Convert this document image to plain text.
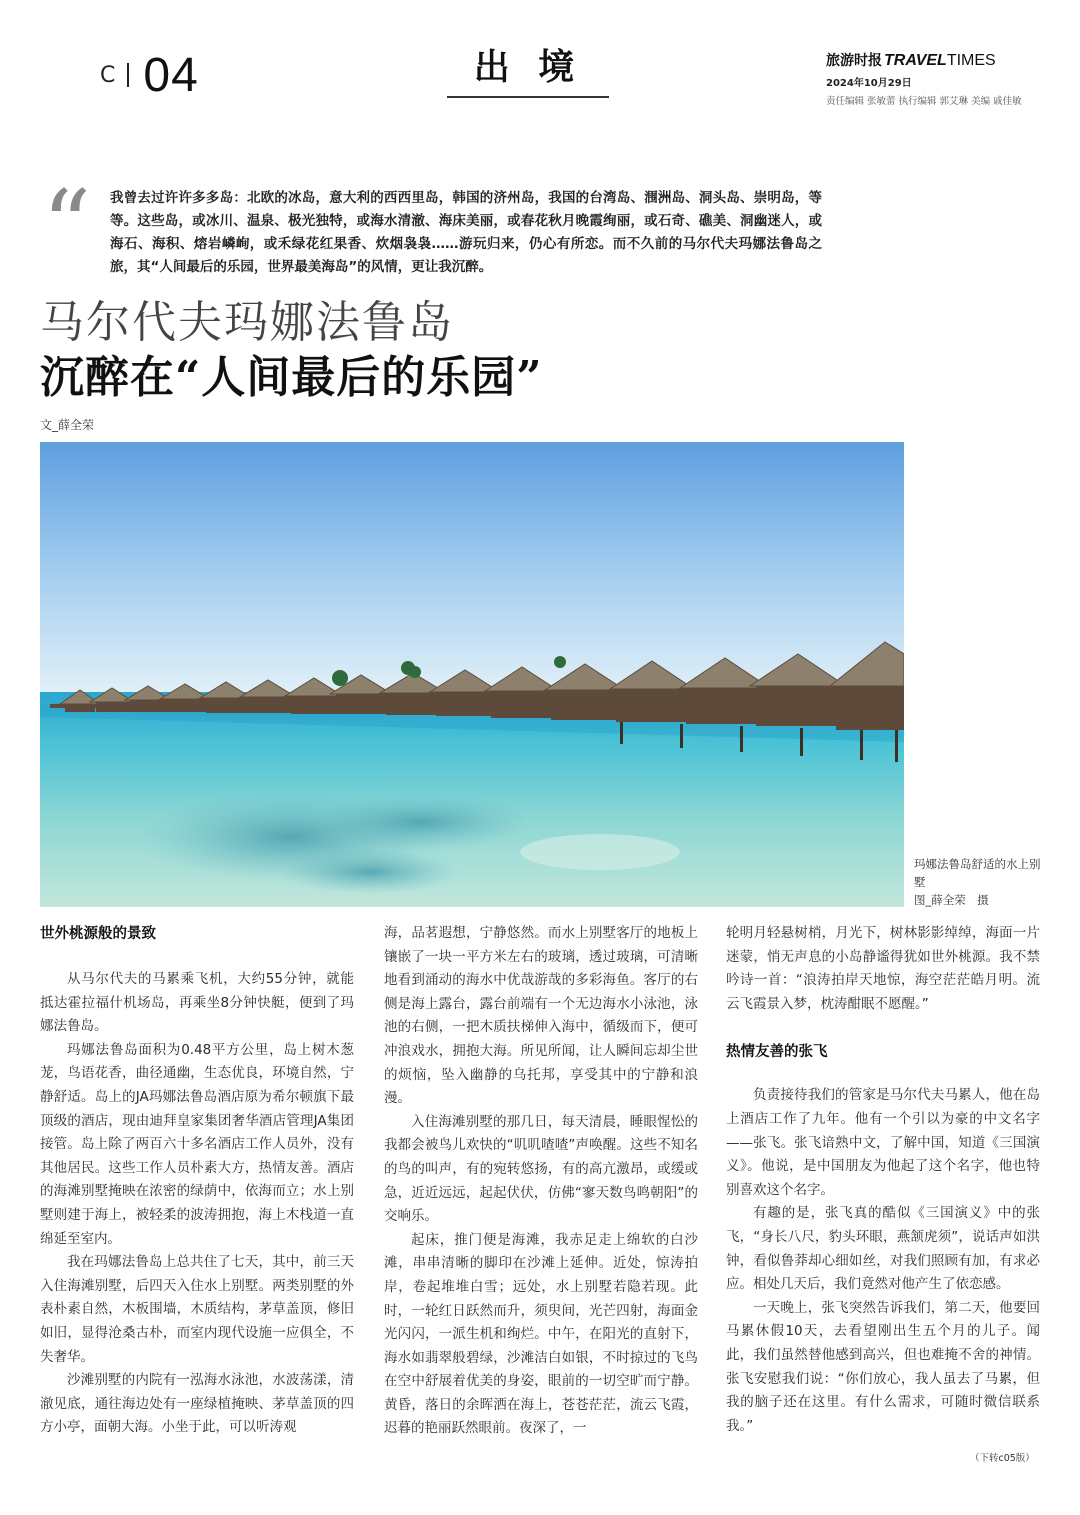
C 04	出 境	旅游时报 TRAVELTIMES
2024年10月29日
责任编辑 张敏蕾 执行编辑 郭艾琳 美编 戚佳敏
“ 我曾去过许许多多岛：北欧的冰岛，意大利的西西里岛，韩国的济州岛，我国的台湾岛、涠洲岛、洞头岛、崇明岛，等等。这些岛，或冰川、温泉、极光独特，或海水清澈、海床美丽，或春花秋月晚霞绚丽，或石奇、礁美、洞幽迷人，或海石、海积、熔岩嶙峋，或禾绿花红果香、炊烟袅袅……游玩归来，仍心有所恋。而不久前的马尔代夫玛娜法鲁岛之旅，其“人间最后的乐园，世界最美海岛”的风情，更让我沉醉。
马尔代夫玛娜法鲁岛
沉醉在“人间最后的乐园”
文_薛全荣
玛娜法鲁岛舒适的水上别墅
图_薛全荣　摄
世外桃源般的景致

从马尔代夫的马累乘飞机，大约55分钟，就能抵达霍拉福什机场岛，再乘坐8分钟快艇，便到了玛娜法鲁岛。

玛娜法鲁岛面积为0.48平方公里，岛上树木葱茏，鸟语花香，曲径通幽，生态优良，环境自然，宁静舒适。岛上的JA玛娜法鲁岛酒店原为希尔顿旗下最顶级的酒店，现由迪拜皇家集团奢华酒店管理JA集团接管。岛上除了两百六十多名酒店工作人员外，没有其他居民。这些工作人员朴素大方，热情友善。酒店的海滩别墅掩映在浓密的绿荫中，依海而立；水上别墅则建于海上，被轻柔的波涛拥抱，海上木栈道一直绵延至室内。

我在玛娜法鲁岛上总共住了七天，其中，前三天入住海滩别墅，后四天入住水上别墅。两类别墅的外表朴素自然，木板围墙，木质结构，茅草盖顶，修旧如旧，显得沧桑古朴，而室内现代设施一应俱全，不失奢华。

沙滩别墅的内院有一泓海水泳池，水波荡漾，清澈见底，通往海边处有一座绿植掩映、茅草盖顶的四方小亭，面朝大海。小坐于此，可以听涛观

海，品茗遐想，宁静悠然。而水上别墅客厅的地板上镶嵌了一块一平方米左右的玻璃，透过玻璃，可清晰地看到涌动的海水中优哉游哉的多彩海鱼。客厅的右侧是海上露台，露台前端有一个无边海水小泳池，泳池的右侧，一把木质扶梯伸入海中，循级而下，便可冲浪戏水，拥抱大海。所见所闻，让人瞬间忘却尘世的烦恼，坠入幽静的乌托邦，享受其中的宁静和浪漫。

入住海滩别墅的那几日，每天清晨，睡眼惺忪的我都会被鸟儿欢快的“叽叽喳喳”声唤醒。这些不知名的鸟的叫声，有的宛转悠扬，有的高亢激昂，或缓或急，近近远远，起起伏伏，仿佛“寥天数鸟鸣朝阳”的交响乐。

起床，推门便是海滩，我赤足走上绵软的白沙滩，串串清晰的脚印在沙滩上延伸。近处，惊涛拍岸，卷起堆堆白雪；远处，水上别墅若隐若现。此时，一轮红日跃然而升，须臾间，光芒四射，海面金光闪闪，一派生机和绚烂。中午，在阳光的直射下，海水如翡翠般碧绿，沙滩洁白如银，不时掠过的飞鸟在空中舒展着优美的身姿，眼前的一切空旷而宁静。黄昏，落日的余晖洒在海上，苍苍茫茫，流云飞霞，迟暮的艳丽跃然眼前。夜深了，一

轮明月轻悬树梢，月光下，树林影影绰绰，海面一片迷蒙，悄无声息的小岛静谧得犹如世外桃源。我不禁吟诗一首：“浪涛拍岸天地惊，海空茫茫皓月明。流云飞霞景入梦，枕涛酣眠不愿醒。”

热情友善的张飞

负责接待我们的管家是马尔代夫马累人，他在岛上酒店工作了九年。他有一个引以为豪的中文名字——张飞。张飞谙熟中文，了解中国，知道《三国演义》。他说，是中国朋友为他起了这个名字，他也特别喜欢这个名字。

有趣的是，张飞真的酷似《三国演义》中的张飞，“身长八尺，豹头环眼，燕颔虎须”，说话声如洪钟，看似鲁莽却心细如丝，对我们照顾有加，有求必应。相处几天后，我们竟然对他产生了依恋感。

一天晚上，张飞突然告诉我们，第二天，他要回马累休假10天，去看望刚出生五个月的儿子。闻此，我们虽然替他感到高兴，但也难掩不舍的神情。张飞安慰我们说：“你们放心，我人虽去了马累，但我的脑子还在这里。有什么需求，可随时微信联系我。”

（下转c05版）
